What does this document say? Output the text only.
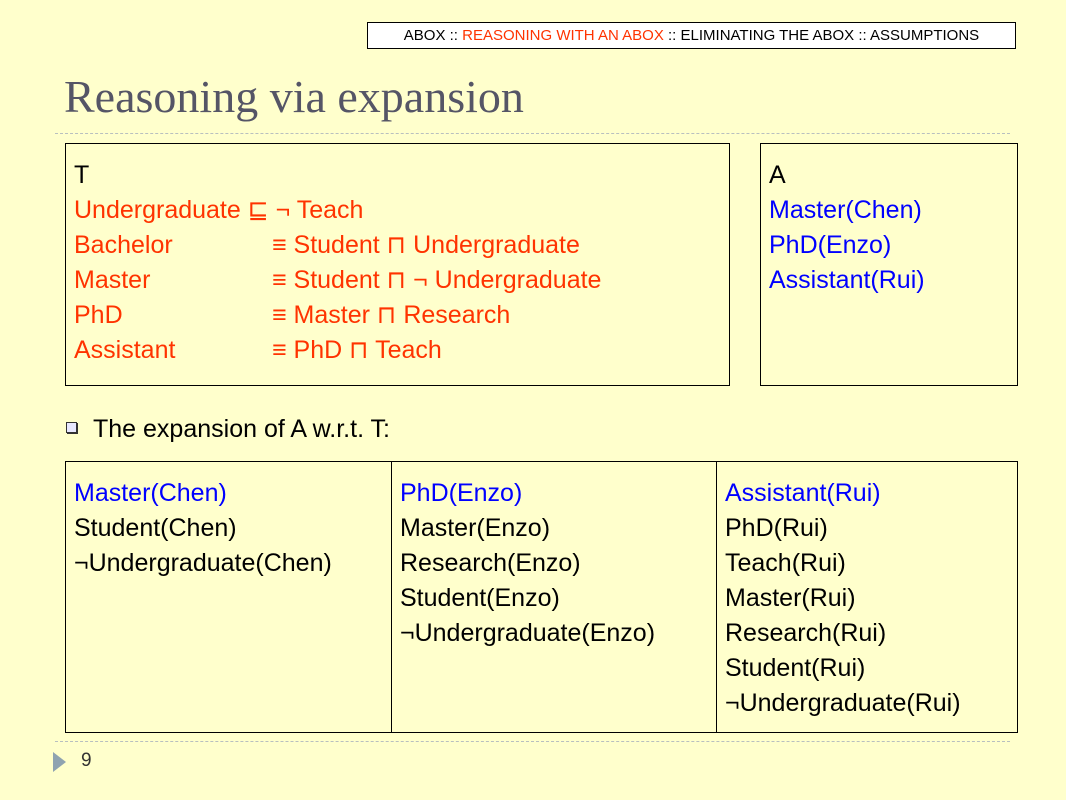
ABOX :: REASONING WITH AN ABOX :: ELIMINATING THE ABOX :: ASSUMPTIONS
Reasoning via expansion
T
Undergraduate ⊑ ¬ Teach
Bachelor	≡ Student ⊓ Undergraduate
Master	≡ Student ⊓ ¬ Undergraduate
PhD	≡ Master ⊓ Research
Assistant	≡ PhD ⊓ Teach
A
Master(Chen)
PhD(Enzo)
Assistant(Rui)
The expansion of A w.r.t. T:
Master(Chen)
Student(Chen)
¬Undergraduate(Chen)
PhD(Enzo)
Master(Enzo)
Research(Enzo)
Student(Enzo)
¬Undergraduate(Enzo)
Assistant(Rui)
PhD(Rui)
Teach(Rui)
Master(Rui)
Research(Rui)
Student(Rui)
¬Undergraduate(Rui)
9
